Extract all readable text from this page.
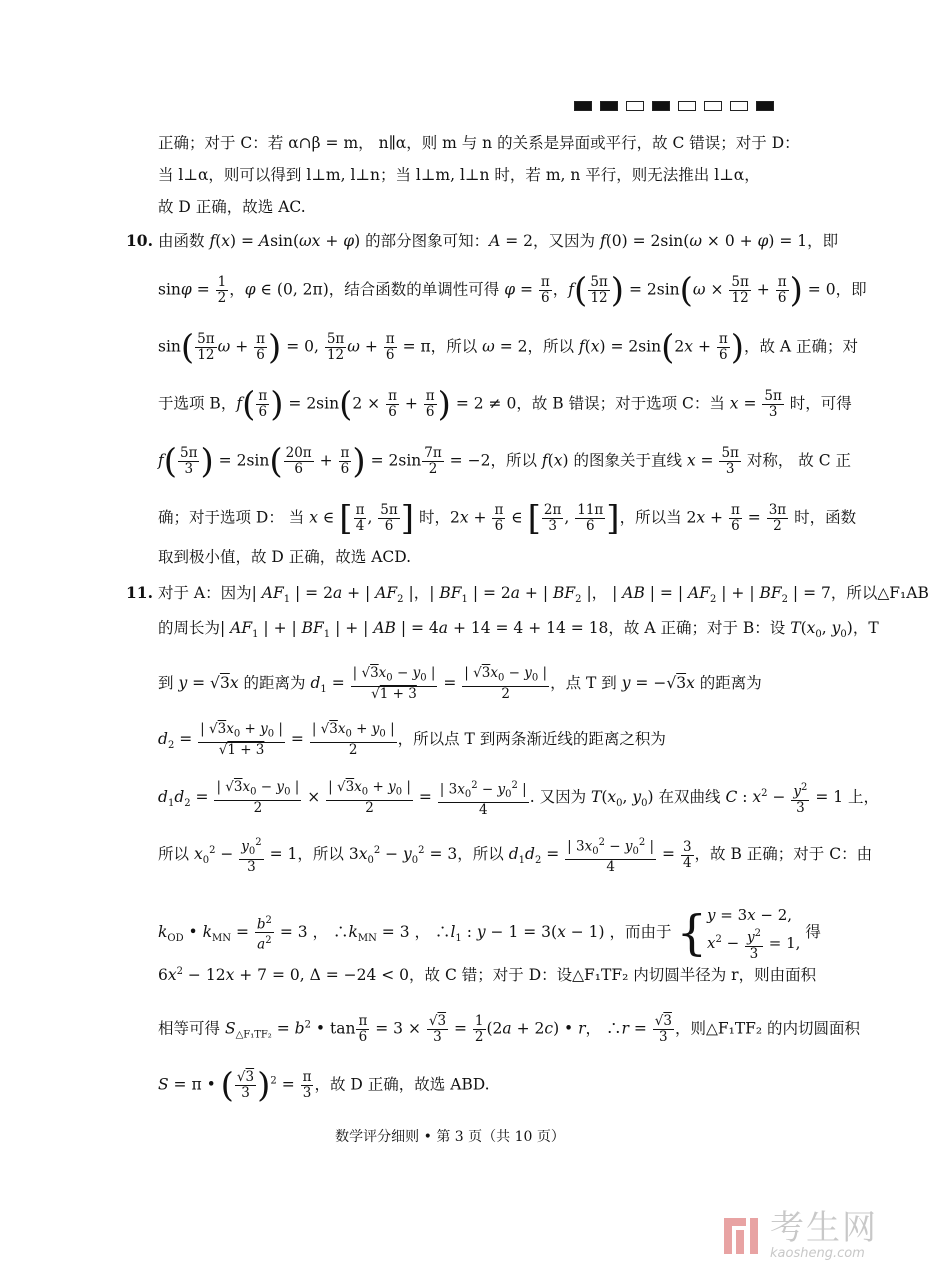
正确；对于 C：若 α∩β = m， n∥α，则 m 与 n 的关系是异面或平行，故 C 错误；对于 D：
当 l⊥α，则可以得到 l⊥m, l⊥n；当 l⊥m, l⊥n 时，若 m, n 平行，则无法推出 l⊥α，
故 D 正确，故选 AC.
10. 由函数 f(x) = Asin(ωx + φ) 的部分图象可知：A = 2，又因为 f(0) = 2sin(ω × 0 + φ) = 1，即
$\sin\varphi = \frac{1}{2}$ ，φ ∈ (0, 2π)，结合函数的单调性可得 $\varphi = \frac{\pi}{6}$ ，$f( \frac{5\pi}{12}$ ) = $2\sin(\omega \times \frac{5\pi}{12} + \frac{\pi}{6}$ ) = 0，即
$\sin( \frac{5\pi}{12}$ $\omega + \frac{\pi}{6}$ ) = 0, $\frac{5\pi}{12}$ $\omega + \frac{\pi}{6} = \pi$，所以 ω = 2，所以 $f(x) = 2\sin(2x + \frac{\pi}{6}$ )，故 A 正确；对
于选项 B，$f( \frac{\pi}{6}$ ) = $2\sin(2 \times \frac{\pi}{6} + \frac{\pi}{6}$ ) = 2 ≠ 0，故 B 错误；对于选项 C：当 $x = \frac{5\pi}{3}$ 时，可得
$f( \frac{5\pi}{3}$ ) = $2\sin( \frac{20\pi}{6} + \frac{\pi}{6}$ ) = $2\sin \frac{7\pi}{2} = -2$，所以 f(x) 的图象关于直线 $x = \frac{5\pi}{3}$ 对称， 故 C 正
确；对于选项 D： 当 x ∈ [ $\frac{\pi}{4}$ , $\frac{5\pi}{6}$ ] 时，$2x + \frac{\pi}{6}$ ∈ [ $\frac{2\pi}{3}$ , $\frac{11\pi}{6}$ ]，所以当 $2x + \frac{\pi}{6} = \frac{3\pi}{2}$ 时，函数
取到极小值，故 D 正确，故选 ACD.
11. 对于 A：因为| $AF_1$ | = 2a + | $AF_2$ |，| $BF_1$ | = 2a + | $BF_2$ |， | AB | = | $AF_2$ | + | $BF_2$ | = 7，所以△F₁AB
的周长为| $AF_1$ | + | $BF_1$ | + | AB | = 4a + 14 = 4 + 14 = 18，故 A 正确；对于 B：设 $T(x_0$, $y_0$)，T
到 y = √3x 的距离为 $d_1 = \frac{| √3x_0 - y_0 |}{√1 + 3} = \frac{| √3x_0 - y_0 |}{2}$ ，点 T 到 y = −√3x 的距离为
$d_2 = \frac{| √3x_0 + y_0 |}{√1 + 3} = \frac{| √3x_0 + y_0 |}{2}$ ，所以点 T 到两条渐近线的距离之积为
$d_1d_2 = \frac{| √3x_0 - y_0 |}{2} \times \frac{| √3x_0 + y_0 |}{2} = \frac{| 3x_0^2 - y_0^2 |}{4}$ . 又因为 $T(x_0$, $y_0$) 在双曲线 C : $x^2 - \frac{y^2}{3} = 1$ 上，
所以 $x_0^2 - \frac{y_0^2}{3} = 1$，所以 $3x_0^2 - y_0^2 = 3$，所以 $d_1d_2 = \frac{| 3x_0^2 - y_0^2 |}{4} = \frac{3}{4}$ ，故 B 正确；对于 C：由
$k_{OD}$ • $k_{MN} = \frac{b^2}{a^2} = 3$ ， $\therefore k_{MN} = 3$ ， $\therefore l_1$ : y − 1 = 3(x − 1) ，而由于 { y = 3x − 2,
$x^2 - \frac{y^2}{3} = 1$,
得
$6x^2 - 12x + 7 = 0$, Δ = −24 < 0，故 C 错；对于 D：设△F₁TF₂ 内切圆半径为 r，则由面积
相等可得 $S_{\triangle F_1TF_2} = b^2$ • $\tan \frac{\pi}{6} = 3 \times \frac{√3}{3} = \frac{1}{2} (2a + 2c)$ • r， ∴r = $\frac{√3}{3}$ ，则△F₁TF₂ 的内切圆面积
S = π • ( $\frac{√3}{3} )^2 = \frac{\pi}{3}$ ，故 D 正确，故选 ABD.
数学评分细则 • 第 3 页（共 10 页）
考生网
kaosheng.com
